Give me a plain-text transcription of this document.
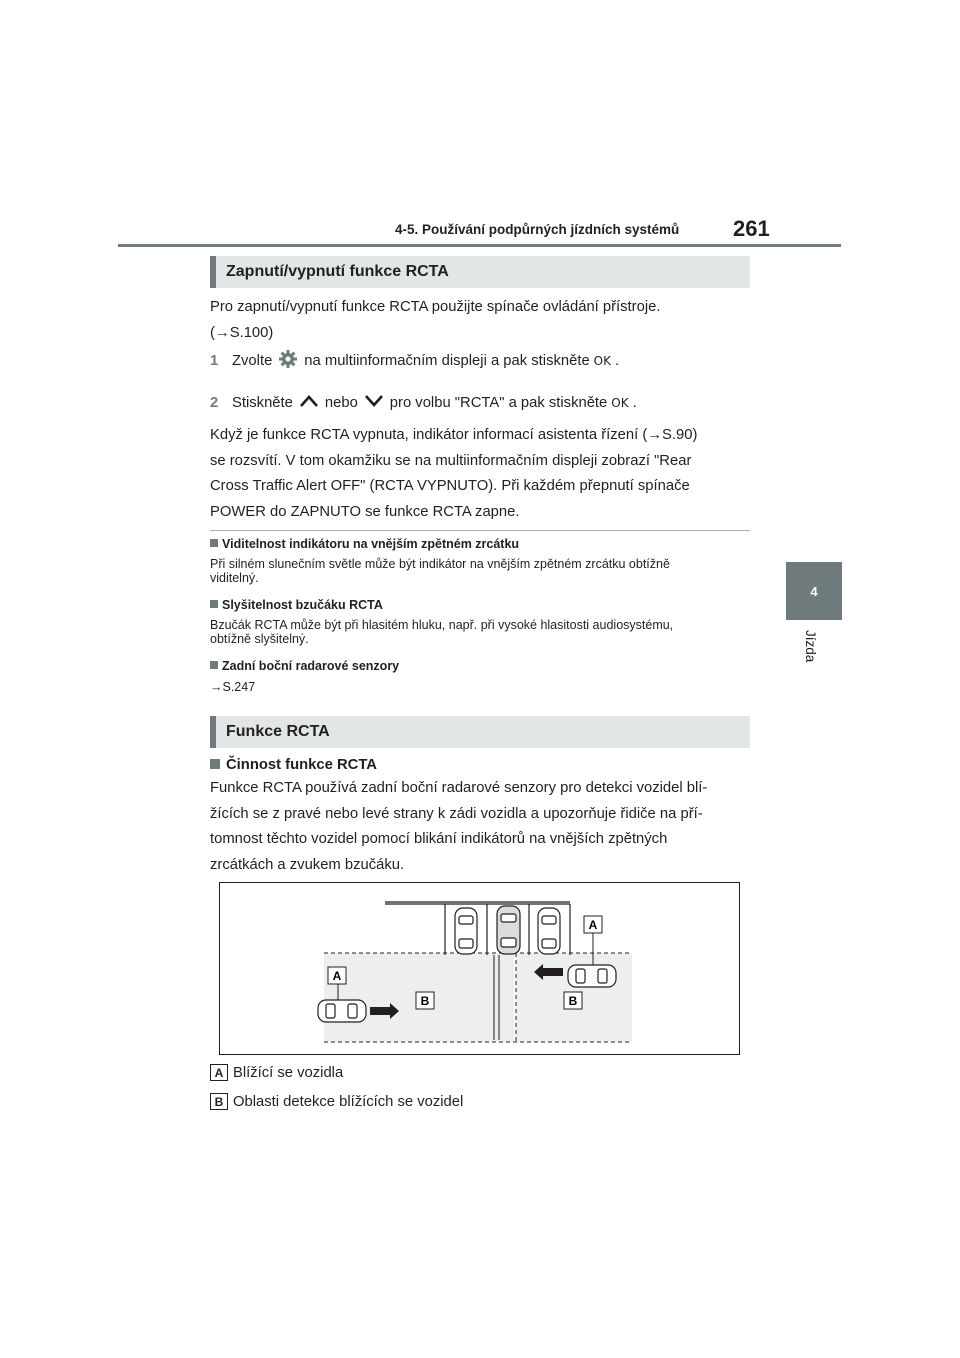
4-5. Používání podpůrných jízdních systémů 261
4
Jízda
Zapnutí/vypnutí funkce RCTA
Pro zapnutí/vypnutí funkce RCTA použijte spínače ovládání přístroje.
(→S.100)
1 Zvolte na multiinformačním displeji a pak stiskněte OK .
2 Stiskněte nebo pro volbu "RCTA" a pak stiskněte OK .
Když je funkce RCTA vypnuta, indikátor informací asistenta řízení (→S.90)
se rozsvítí. V tom okamžiku se na multiinformačním displeji zobrazí "Rear
Cross Traffic Alert OFF" (RCTA VYPNUTO). Při každém přepnutí spínače
POWER do ZAPNUTO se funkce RCTA zapne.
Viditelnost indikátoru na vnějším zpětném zrcátku
Při silném slunečním světle může být indikátor na vnějším zpětném zrcátku obtížně
viditelný.
Slyšitelnost bzučáku RCTA
Bzučák RCTA může být při hlasitém hluku, např. při vysoké hlasitosti audiosystému,
obtížně slyšitelný.
Zadní boční radarové senzory
→S.247
Funkce RCTA
Činnost funkce RCTA
Funkce RCTA používá zadní boční radarové senzory pro detekci vozidel blí-
žících se z pravé nebo levé strany k zádi vozidla a upozorňuje řidiče na pří-
tomnost těchto vozidel pomocí blikání indikátorů na vnějších zpětných
zrcátkách a zvukem bzučáku.
A
A
B	B
A Blížící se vozidla
B Oblasti detekce blížících se vozidel
